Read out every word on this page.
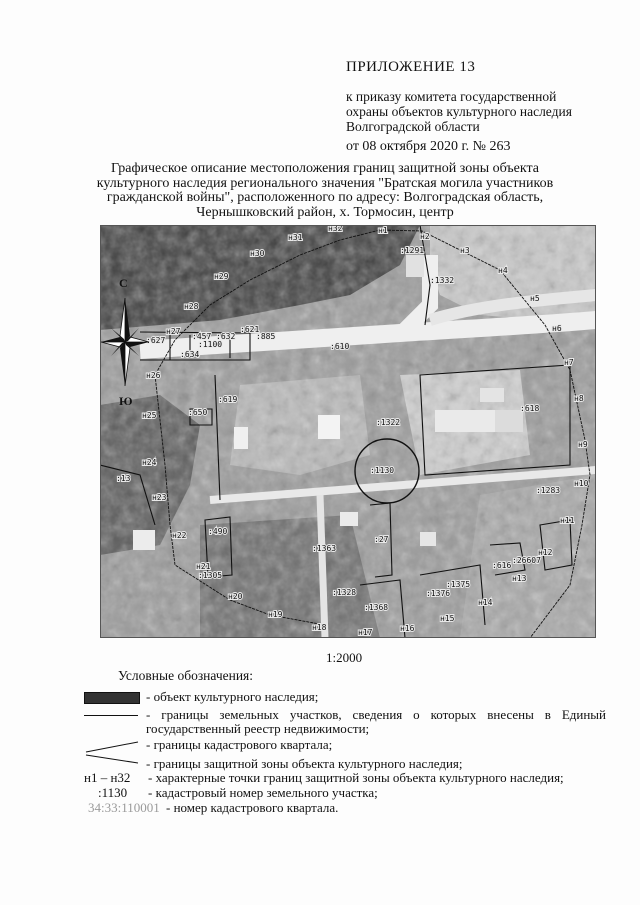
ПРИЛОЖЕНИЕ 13
к приказу комитета государственной
охраны объектов культурного наследия
Волгоградской области
от 08 октября 2020 г. № 263
Графическое описание местоположения границ защитной зоны объекта
культурного наследия регионального значения "Братская могила участников
гражданской войны", расположенного по адресу: Волгоградская область,
Чернышковский район, х. Тормосин, центр
н1
н2
н3
н4
н5
н6
н7
н8
н9
н10
н11
н12
н13
н14
н15
н16
н17
н18
н19
н20
н21
н22
н23
н24
н25
н26
н27
н28
н29
н30
н31
н32
:1291
:1332
:627	:457 :632
:621
:885
:1100
:634
:610
:619
:650
:1322
:618
:1130
:13
:1283
:490
:27
:1363
:1305
:616
:26607
:1328
:1375
:1376
:1368
С
Ю
1:2000
Условные обозначения:
- объект культурного наследия;
- границы земельных участков, сведения о которых внесены в Единый государственный реестр недвижимости;
- границы кадастрового квартала;
- границы защитной зоны объекта культурного наследия;
н1 – н32 - характерные точки границ защитной зоны объекта культурного наследия;
:1130 - кадастровый номер земельного участка;
34:33:110001 - номер кадастрового квартала.
